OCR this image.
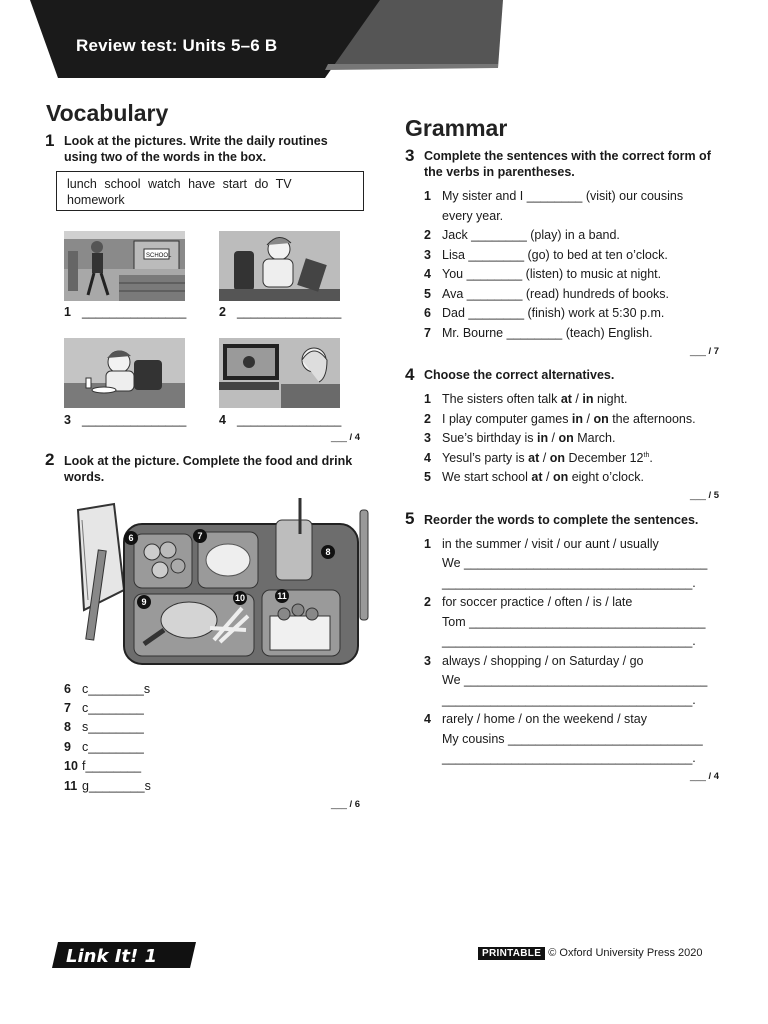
Review test: Units 5–6 B
Vocabulary
1 Look at the pictures. Write the daily routines
using two of the words in the box.
lunch school watch have start do TV
homework
SCHOOL
1 _______________	2 _______________
3 _______________	4 _______________
___ / 4
2 Look at the picture. Complete the food and drink
words.
6	7
8
9	10	11
6 c________s
7 c________
8 s________
9 c________
10 f________
11 g________s
___ / 6
Grammar
3 Complete the sentences with the correct form of
the verbs in parentheses.
1 My sister and I ________ (visit) our cousins
every year.
2 Jack ________ (play) in a band.
3 Lisa ________ (go) to bed at ten o’clock.
4 You ________ (listen) to music at night.
5 Ava ________ (read) hundreds of books.
6 Dad ________ (finish) work at 5:30 p.m.
7 Mr. Bourne ________ (teach) English.
___ / 7
4 Choose the correct alternatives.
1 The sisters often talk at / in night.
2 I play computer games in / on the afternoons.
3 Sue’s birthday is in / on March.
4 Yesul’s party is at / on December 12th.
5 We start school at / on eight o’clock.
___ / 5
5 Reorder the words to complete the sentences.
1 in the summer / visit / our aunt / usually
We ___________________________________
____________________________________.
2 for soccer practice / often / is / late
Tom __________________________________
____________________________________.
3 always / shopping / on Saturday / go
We ___________________________________
____________________________________.
4 rarely / home / on the weekend / stay
My cousins ____________________________
____________________________________.
___ / 4
Link It! 1	PRINTABLE © Oxford University Press 2020
